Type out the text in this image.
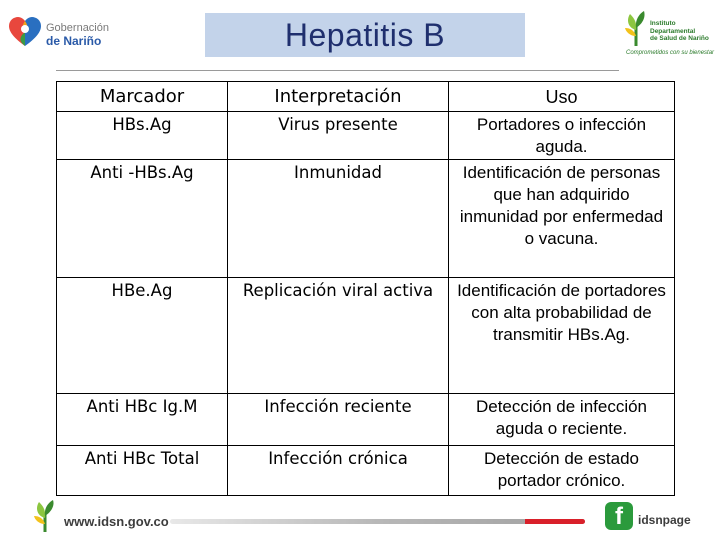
Gobernación
de Nariño	Hepatitis B	Instituto
Departamental
de Salud de Nariño
Comprometidos con su bienestar
Marcador	Interpretación	Uso
HBs.Ag	Virus presente	Portadores o infección aguda.
Anti -HBs.Ag	Inmunidad	Identificación de personas que han adquirido inmunidad por enfermedad o vacuna.
HBe.Ag	Replicación viral activa	Identificación de portadores con alta probabilidad de transmitir HBs.Ag.
Anti HBc Ig.M	Infección reciente	Detección de infección aguda o reciente.
Anti HBc Total	Infección crónica	Detección de estado portador crónico.
www.idsn.gov.co	f	idsnpage
